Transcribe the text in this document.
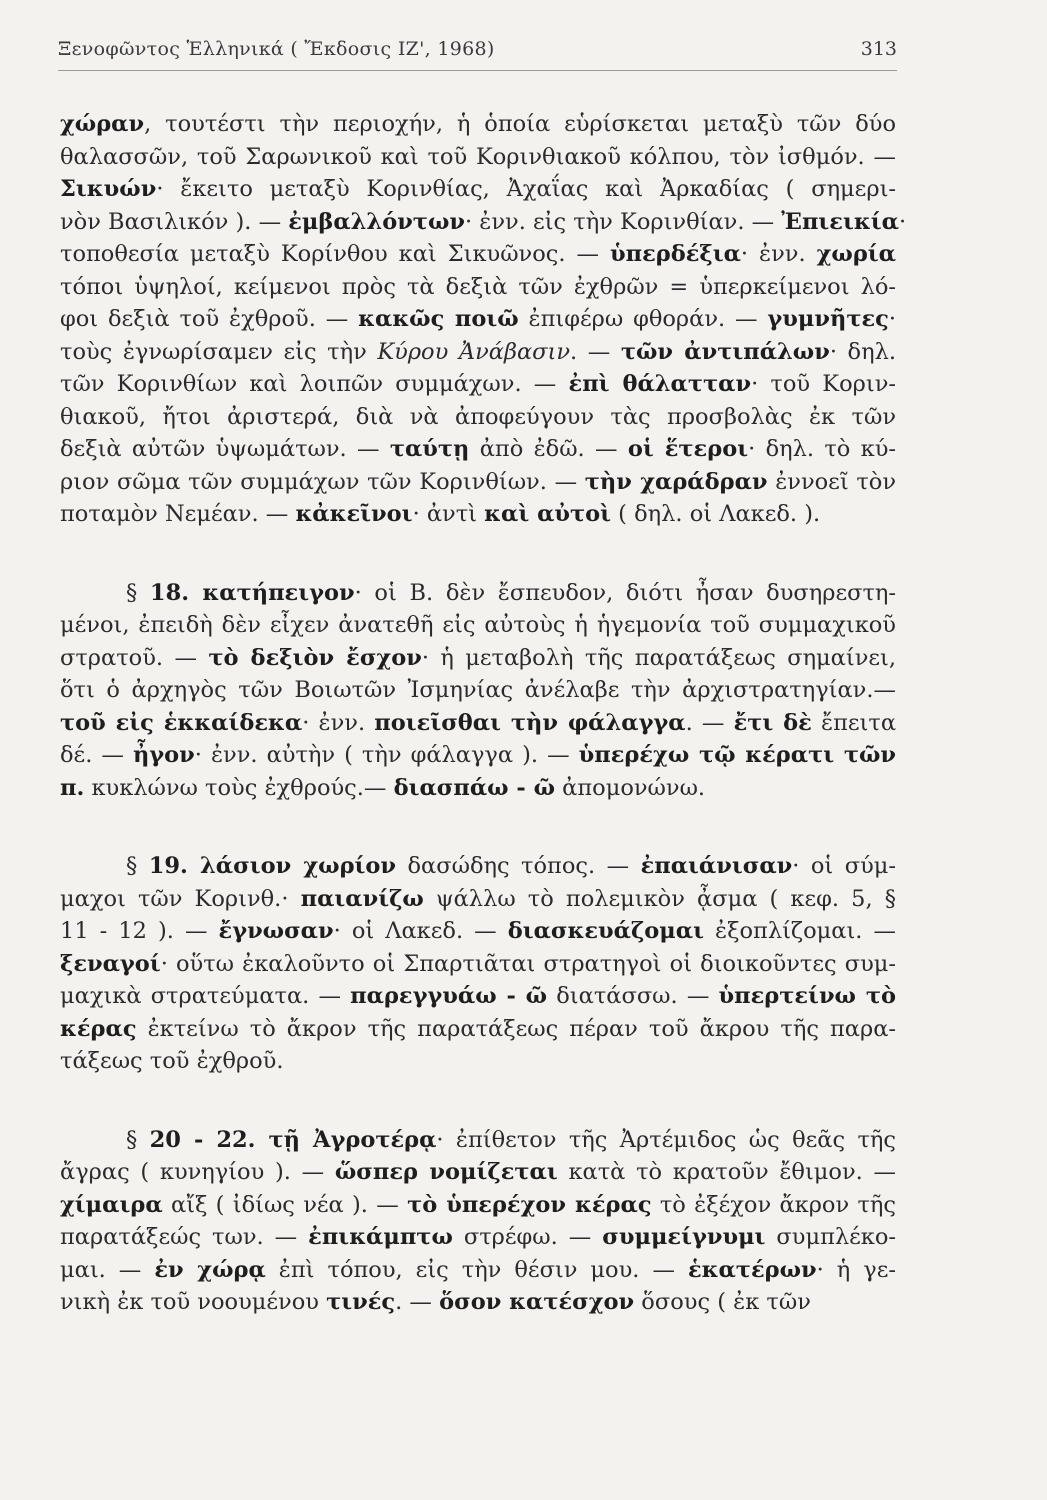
Ξενοφῶντος Ἑλληνικά ( Ἔκδοσις ΙΖ', 1968)	313
χώραν, τουτέστι τὴν περιοχήν, ἡ ὁποία εὑρίσκεται μεταξὺ τῶν δύο
θαλασσῶν, τοῦ Σαρωνικοῦ καὶ τοῦ Κορινθιακοῦ κόλπου, τὸν ἰσθμόν. —
Σικυών· ἔκειτο μεταξὺ Κορινθίας, Ἀχαΐας καὶ Ἀρκαδίας ( σημερι-
νὸν Βασιλικόν ). — ἐμβαλλόντων· ἐνν. εἰς τὴν Κορινθίαν. — Ἐπιεικία·
τοποθεσία μεταξὺ Κορίνθου καὶ Σικυῶνος. — ὑπερδέξια· ἐνν. χωρία
τόποι ὑψηλοί, κείμενοι πρὸς τὰ δεξιὰ τῶν ἐχθρῶν = ὑπερκείμενοι λό-
φοι δεξιὰ τοῦ ἐχθροῦ. — κακῶς ποιῶ ἐπιφέρω φθοράν. — γυμνῆτες·
τοὺς ἐγνωρίσαμεν εἰς τὴν Κύρου Ἀνάβασιν. — τῶν ἀντιπάλων· δηλ.
τῶν Κορινθίων καὶ λοιπῶν συμμάχων. — ἐπὶ θάλατταν· τοῦ Κοριν-
θιακοῦ, ἤτοι ἀριστερά, διὰ νὰ ἀποφεύγουν τὰς προσβολὰς ἐκ τῶν
δεξιὰ αὐτῶν ὑψωμάτων. — ταύτῃ ἀπὸ ἐδῶ. — οἱ ἕτεροι· δηλ. τὸ κύ-
ριον σῶμα τῶν συμμάχων τῶν Κορινθίων. — τὴν χαράδραν ἐννοεῖ τὸν
ποταμὸν Νεμέαν. — κἀκεῖνοι· ἀντὶ καὶ αὐτοὶ ( δηλ. οἱ Λακεδ. ).
§ 18. κατήπειγον· οἱ Β. δὲν ἔσπευδον, διότι ἦσαν δυσηρεστη-
μένοι, ἐπειδὴ δὲν εἶχεν ἀνατεθῆ εἰς αὐτοὺς ἡ ἡγεμονία τοῦ συμμαχικοῦ
στρατοῦ. — τὸ δεξιὸν ἔσχον· ἡ μεταβολὴ τῆς παρατάξεως σημαίνει,
ὅτι ὁ ἀρχηγὸς τῶν Βοιωτῶν Ἰσμηνίας ἀνέλαβε τὴν ἀρχιστρατηγίαν.—
τοῦ εἰς ἑκκαίδεκα· ἐνν. ποιεῖσθαι τὴν φάλαγγα. — ἔτι δὲ ἔπειτα
δέ. — ἦγον· ἐνν. αὐτὴν ( τὴν φάλαγγα ). — ὑπερέχω τῷ κέρατι τῶν
π. κυκλώνω τοὺς ἐχθρούς.— διασπάω - ῶ ἀπομονώνω.
§ 19. λάσιον χωρίον δασώδης τόπος. — ἐπαιάνισαν· οἱ σύμ-
μαχοι τῶν Κορινθ.· παιανίζω ψάλλω τὸ πολεμικὸν ᾆσμα ( κεφ. 5, §
11 - 12 ). — ἔγνωσαν· οἱ Λακεδ. — διασκευάζομαι ἐξοπλίζομαι. —
ξεναγοί· οὕτω ἐκαλοῦντο οἱ Σπαρτιᾶται στρατηγοὶ οἱ διοικοῦντες συμ-
μαχικὰ στρατεύματα. — παρεγγυάω - ῶ διατάσσω. — ὑπερτείνω τὸ
κέρας ἐκτείνω τὸ ἄκρον τῆς παρατάξεως πέραν τοῦ ἄκρου τῆς παρα-
τάξεως τοῦ ἐχθροῦ.
§ 20 - 22. τῇ Ἀγροτέρᾳ· ἐπίθετον τῆς Ἀρτέμιδος ὡς θεᾶς τῆς
ἄγρας ( κυνηγίου ). — ὥσπερ νομίζεται κατὰ τὸ κρατοῦν ἔθιμον. —
χίμαιρα αἴξ ( ἰδίως νέα ). — τὸ ὑπερέχον κέρας τὸ ἐξέχον ἄκρον τῆς
παρατάξεώς των. — ἐπικάμπτω στρέφω. — συμμείγνυμι συμπλέκο-
μαι. — ἐν χώρᾳ ἐπὶ τόπου, εἰς τὴν θέσιν μου. — ἑκατέρων· ἡ γε-
νικὴ ἐκ τοῦ νοουμένου τινές. — ὅσον κατέσχον ὅσους ( ἐκ τῶν
